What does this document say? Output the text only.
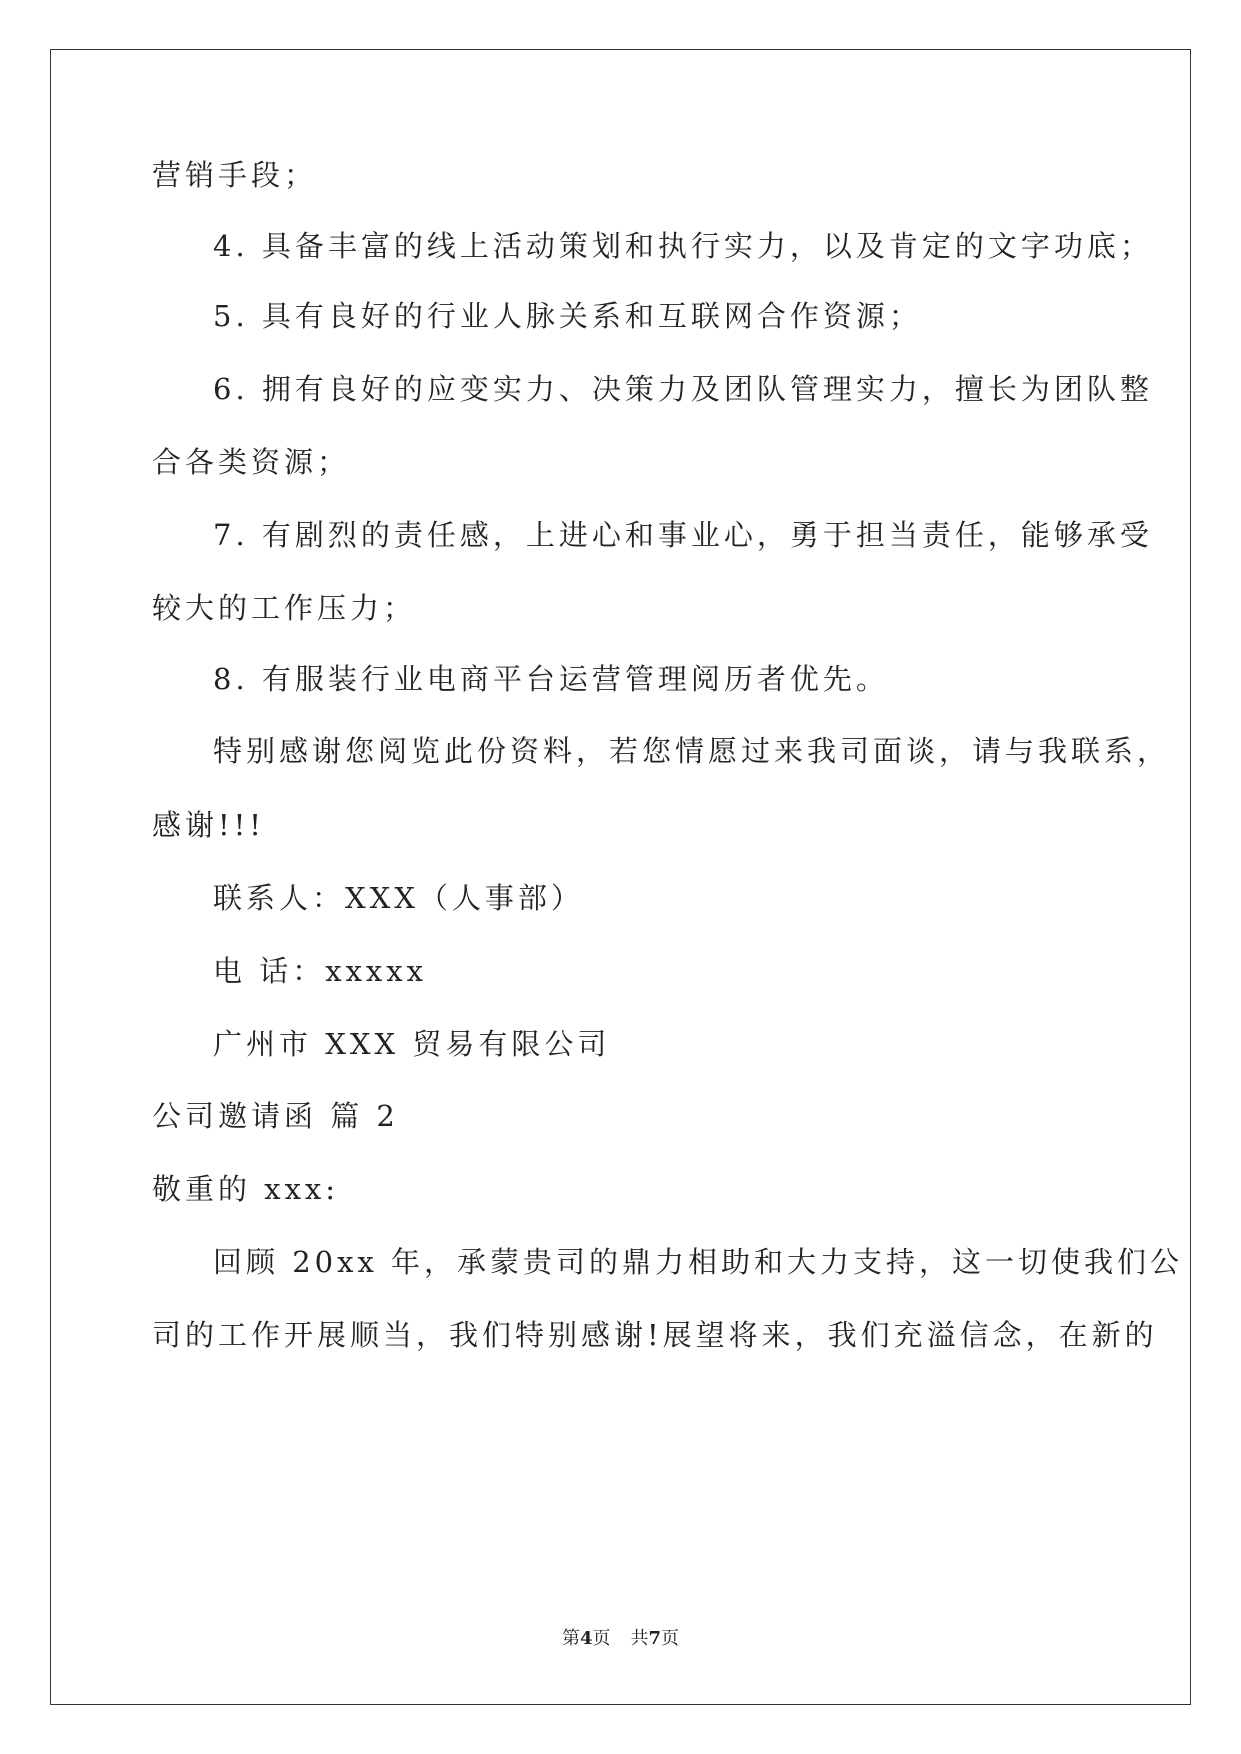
营销手段；
4. 具备丰富的线上活动策划和执行实力，以及肯定的文字功底；
5. 具有良好的行业人脉关系和互联网合作资源；
6. 拥有良好的应变实力、决策力及团队管理实力，擅长为团队整
合各类资源；
7. 有剧烈的责任感，上进心和事业心，勇于担当责任，能够承受
较大的工作压力；
8. 有服装行业电商平台运营管理阅历者优先。
特别感谢您阅览此份资料，若您情愿过来我司面谈，请与我联系，
感谢!!!
联系人：XXX（人事部）
电 话：xxxxx
广州市 XXX 贸易有限公司
公司邀请函 篇 2
敬重的 xxx:
回顾 20xx 年，承蒙贵司的鼎力相助和大力支持，这一切使我们公
司的工作开展顺当，我们特别感谢!展望将来，我们充溢信念，在新的
第4页 共7页
